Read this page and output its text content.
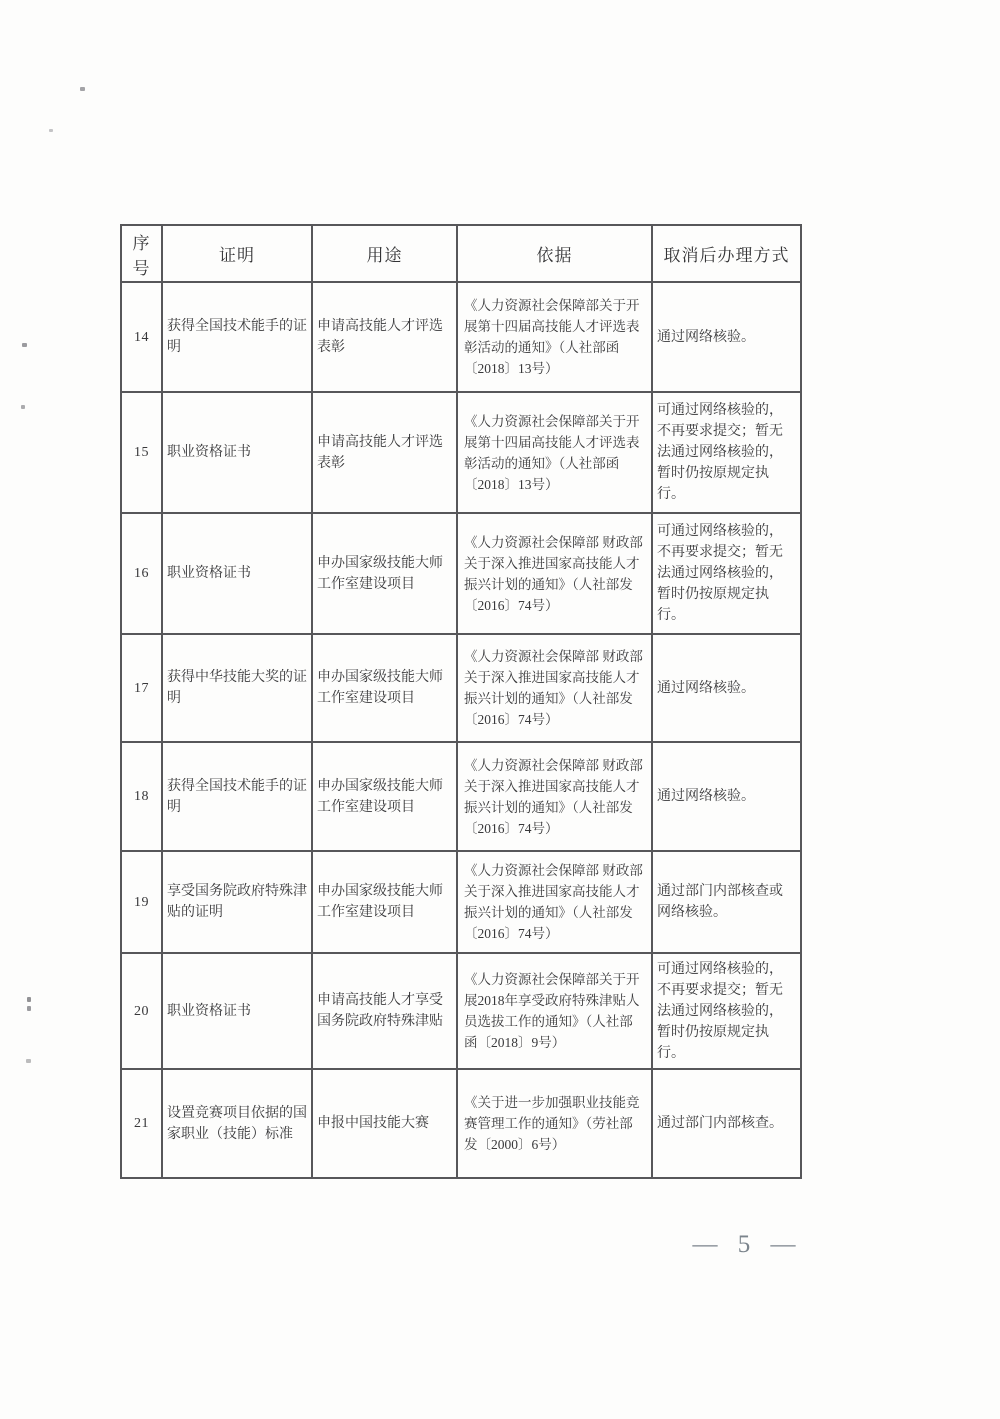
序号	证明	用途	依据	取消后办理方式
14	获得全国技术能手的证明	申请高技能人才评选表彰	《人力资源社会保障部关于开展第十四届高技能人才评选表彰活动的通知》（人社部函〔2018〕13号）	通过网络核验。
15	职业资格证书	申请高技能人才评选表彰	《人力资源社会保障部关于开展第十四届高技能人才评选表彰活动的通知》（人社部函〔2018〕13号）	可通过网络核验的，不再要求提交；暂无法通过网络核验的，暂时仍按原规定执行。
16	职业资格证书	申办国家级技能大师工作室建设项目	《人力资源社会保障部 财政部关于深入推进国家高技能人才振兴计划的通知》（人社部发〔2016〕74号）	可通过网络核验的，不再要求提交；暂无法通过网络核验的，暂时仍按原规定执行。
17	获得中华技能大奖的证明	申办国家级技能大师工作室建设项目	《人力资源社会保障部 财政部关于深入推进国家高技能人才振兴计划的通知》（人社部发〔2016〕74号）	通过网络核验。
18	获得全国技术能手的证明	申办国家级技能大师工作室建设项目	《人力资源社会保障部 财政部关于深入推进国家高技能人才振兴计划的通知》（人社部发〔2016〕74号）	通过网络核验。
19	享受国务院政府特殊津贴的证明	申办国家级技能大师工作室建设项目	《人力资源社会保障部 财政部关于深入推进国家高技能人才振兴计划的通知》（人社部发〔2016〕74号）	通过部门内部核查或网络核验。
20	职业资格证书	申请高技能人才享受国务院政府特殊津贴	《人力资源社会保障部关于开展2018年享受政府特殊津贴人员选拔工作的通知》（人社部函〔2018〕9号）	可通过网络核验的，不再要求提交；暂无法通过网络核验的，暂时仍按原规定执行。
21	设置竞赛项目依据的国家职业（技能）标准	申报中国技能大赛	《关于进一步加强职业技能竞赛管理工作的通知》（劳社部发〔2000〕6号）	通过部门内部核查。
— 5 —
